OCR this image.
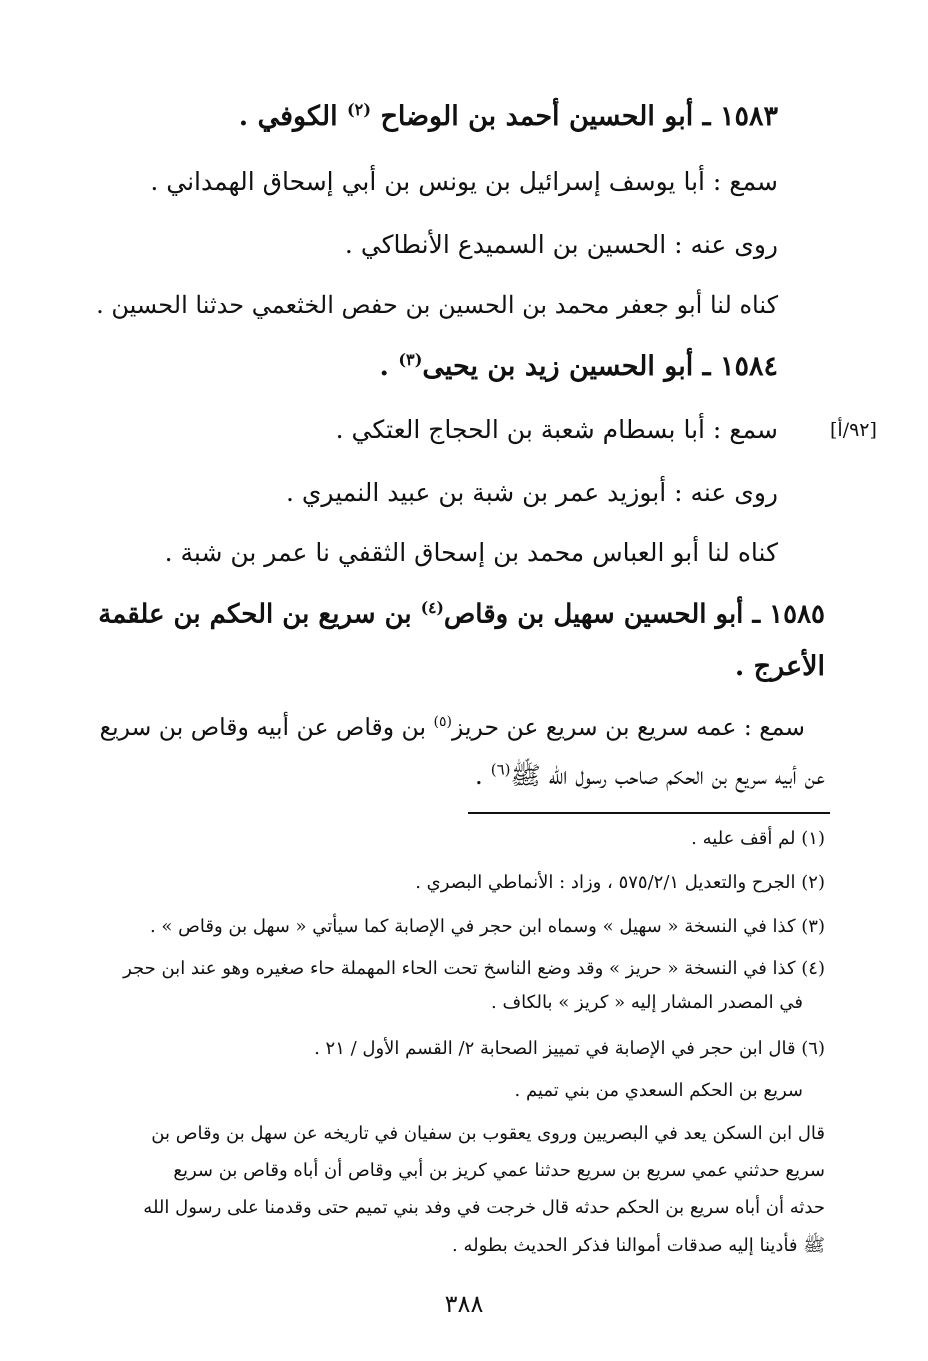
١٥٨٣ ـ أبو الحسين أحمد بن الوضاح $^{(٢)}$ الكوفي .

سمع : أبا يوسف إسرائيل بن يونس بن أبي إسحاق الهمداني .

روى عنه : الحسين بن السميدع الأنطاكي .

كناه لنا أبو جعفر محمد بن الحسين بن حفص الخثعمي حدثنا الحسين .

١٥٨٤ ـ أبو الحسين زيد بن يحيى$^{(٣)}$ .

سمع : أبا بسطام شعبة بن الحجاج العتكي .	[٩٢/أ]

روى عنه : أبوزيد عمر بن شبة بن عبيد النميري .

كناه لنا أبو العباس محمد بن إسحاق الثقفي نا عمر بن شبة .

١٥٨٥ ـ أبو الحسين سهيل بن وقاص$^{(٤)}$ بن سريع بن الحكم بن علقمة

الأعرج .

سمع : عمه سريع بن سريع عن حريز$^{(٥)}$ بن وقاص عن أبيه وقاص بن سريع

عن أبيه سريع بن الحكم صاحب رسول الله ﷺ$^{(٦)}$ .

(١) لم أقف عليه .

(٢) الجرح والتعديل ٥٧٥/٢/١ ، وزاد : الأنماطي البصري .

(٣) كذا في النسخة « سهيل » وسماه ابن حجر في الإصابة كما سيأتي « سهل بن وقاص » .

(٤) كذا في النسخة « حريز » وقد وضع الناسخ تحت الحاء المهملة حاء صغيره وهو عند ابن حجر

في المصدر المشار إليه « كريز » بالكاف .

(٦) قال ابن حجر في الإصابة في تمييز الصحابة ٢/ القسم الأول / ٢١ .

سريع بن الحكم السعدي من بني تميم .

قال ابن السكن يعد في البصريين وروى يعقوب بن سفيان في تاريخه عن سهل بن وقاص بن

سريع حدثني عمي سريع بن سريع حدثنا عمي كريز بن أبي وقاص أن أباه وقاص بن سريع

حدثه أن أباه سريع بن الحكم حدثه قال خرجت في وفد بني تميم حتى وقدمنا على رسول الله

ﷺ فأدينا إليه صدقات أموالنا فذكر الحديث بطوله .

٣٨٨
